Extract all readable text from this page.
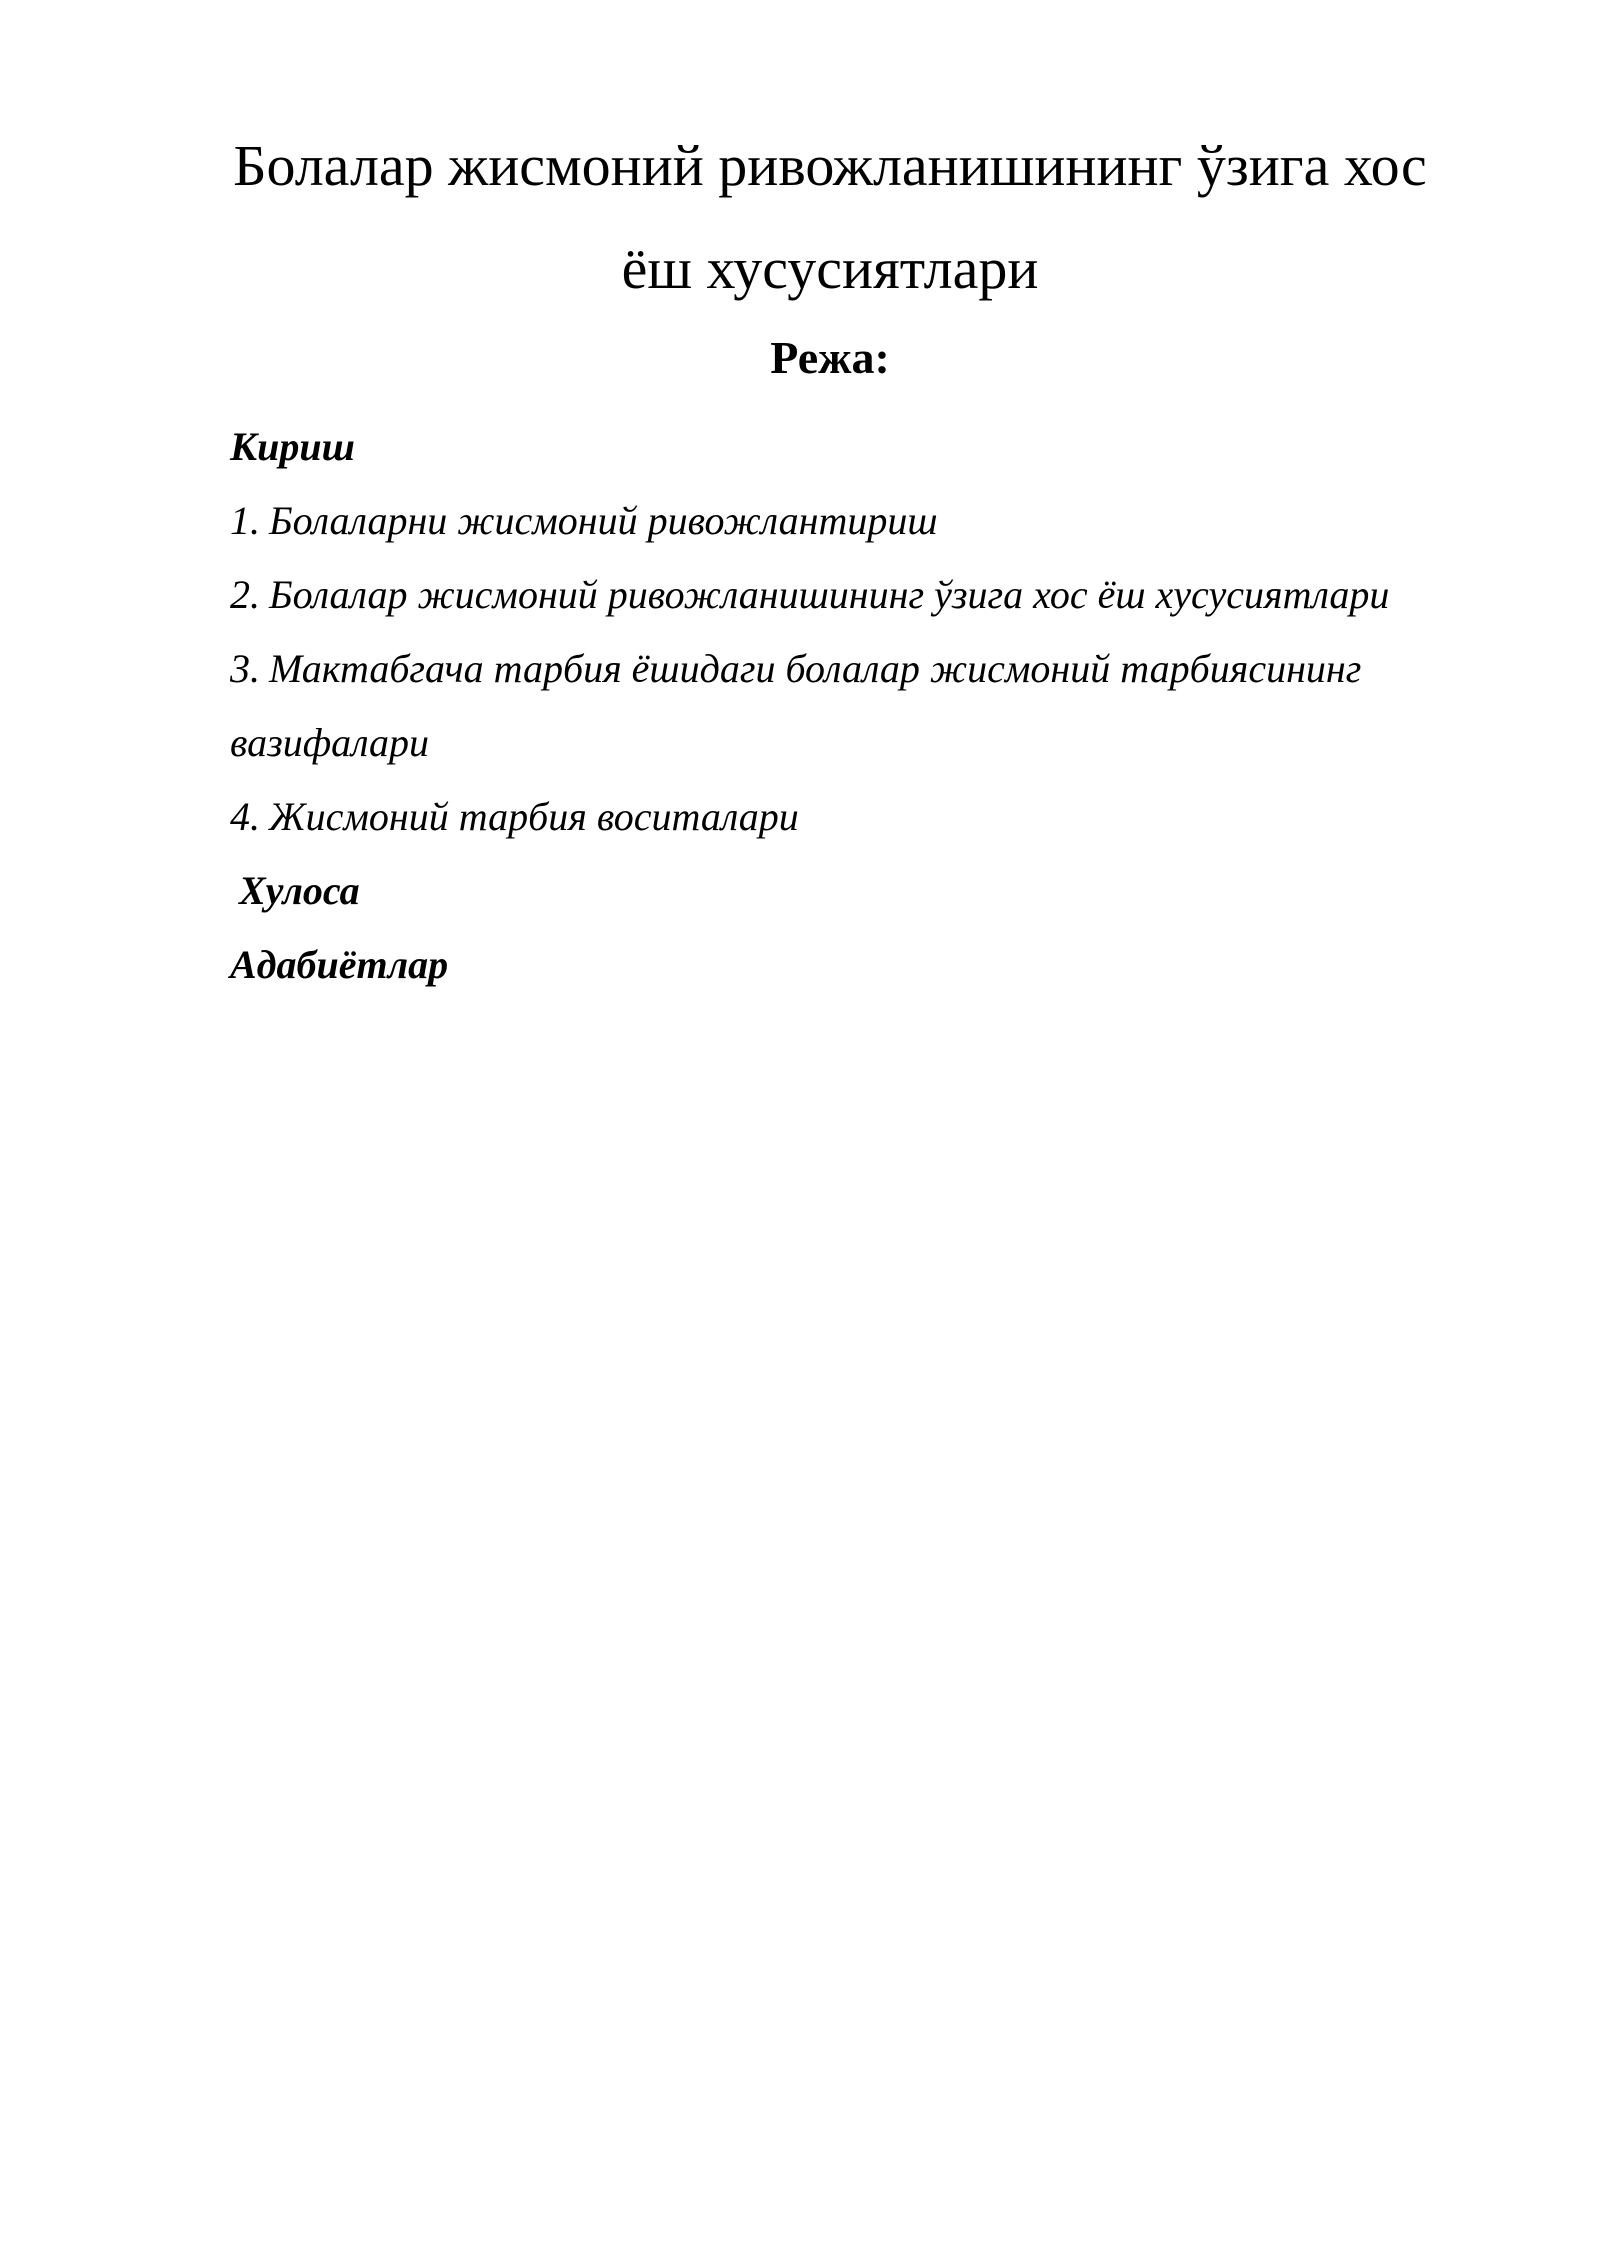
Болалар жисмоний ривожланишининг ўзига хос
ёш хусусиятлари
Режа:
Кириш
1. Болаларни жисмоний ривожлантириш
2. Болалар жисмоний ривожланишининг ўзига хос ёш хусусиятлари
3. Мактабгача тарбия ёшидаги болалар жисмоний тарбиясининг
вазифалари
4. Жисмоний тарбия воситалари
Хулоса
Адабиётлар
